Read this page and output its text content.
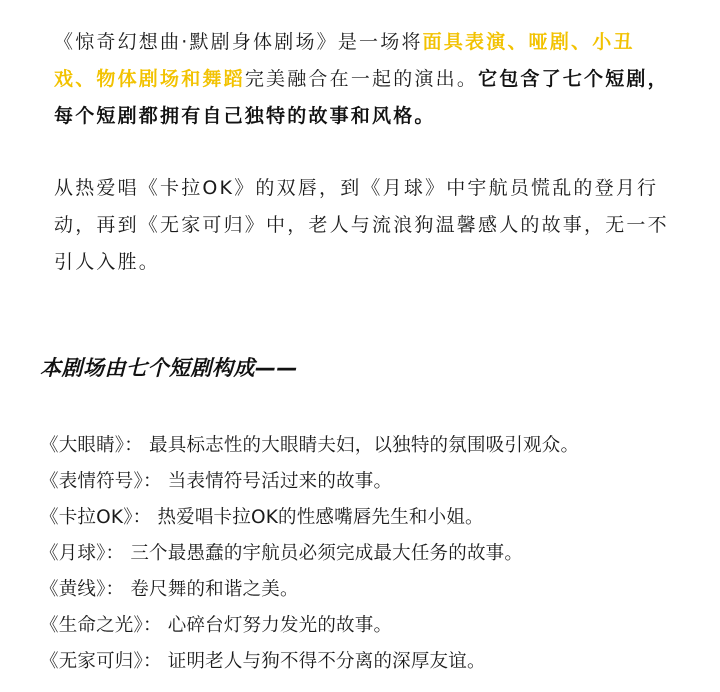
《惊奇幻想曲·默剧身体剧场》是一场将面具表演、哑剧、小丑戏、物体剧场和舞蹈完美融合在一起的演出。它包含了七个短剧，每个短剧都拥有自己独特的故事和风格。

从热爱唱《卡拉OK》的双唇，到《月球》中宇航员慌乱的登月行动，再到《无家可归》中，老人与流浪狗温馨感人的故事，无一不引人入胜。

本剧场由七个短剧构成——
《大眼睛》： 最具标志性的大眼睛夫妇，以独特的氛围吸引观众。
《表情符号》： 当表情符号活过来的故事。
《卡拉OK》： 热爱唱卡拉OK的性感嘴唇先生和小姐。
《月球》： 三个最愚蠢的宇航员必须完成最大任务的故事。
《黄线》： 卷尺舞的和谐之美。
《生命之光》： 心碎台灯努力发光的故事。
《无家可归》： 证明老人与狗不得不分离的深厚友谊。
